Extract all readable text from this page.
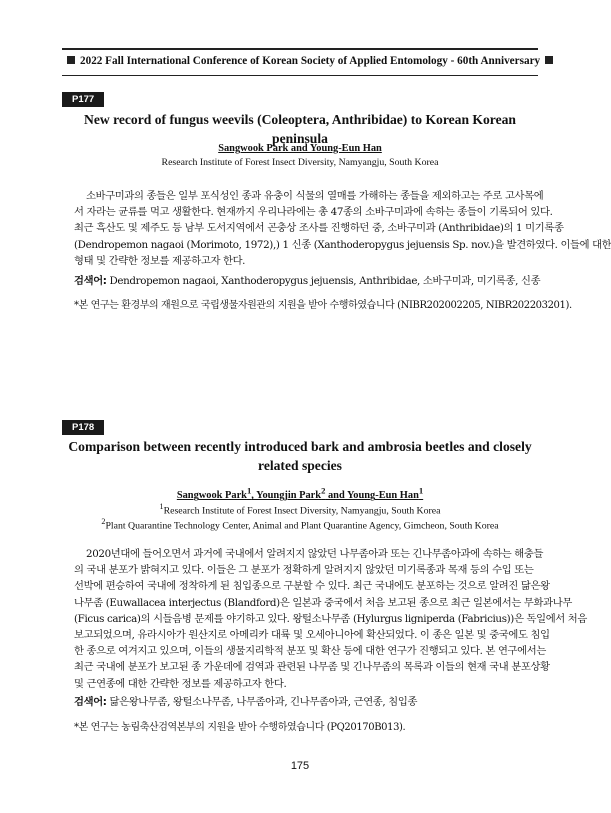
2022 Fall International Conference of Korean Society of Applied Entomology - 60th Anniversary
P177
New record of fungus weevils (Coleoptera, Anthribidae) to Korean Korean peninsula
Sangwook Park and Young-Eun Han
Research Institute of Forest Insect Diversity, Namyangju, South Korea
소바구미과의 종들은 일부 포식성인 종과 유충이 식물의 열매를 가해하는 종들을 제외하고는 주로 고사목에
서 자라는 균류를 먹고 생활한다. 현재까지 우리나라에는 총 47종의 소바구미과에 속하는 종들이 기록되어 있다.
최근 흑산도 및 제주도 등 남부 도서지역에서 곤충상 조사를 진행하던 중, 소바구미과 (Anthribidae)의 1 미기록종
(Dendropemon nagaoi (Morimoto, 1972),) 1 신종 (Xanthoderopygus jejuensis Sp. nov.)을 발견하였다. 이들에 대한
형태 및 간략한 정보를 제공하고자 한다.
검색어: Dendropemon nagaoi, Xanthoderopygus jejuensis, Anthribidae, 소바구미과, 미기록종, 신종
*본 연구는 환경부의 재원으로 국립생물자원관의 지원을 받아 수행하였습니다 (NIBR202002205, NIBR202203201).
P178
Comparison between recently introduced bark and ambrosia beetles and closely
related species
Sangwook Park$^1$, Youngjin Park$^2$ and Young-Eun Han$^1$
$^1$Research Institute of Forest Insect Diversity, Namyangju, South Korea
$^2$Plant Quarantine Technology Center, Animal and Plant Quarantine Agency, Gimcheon, South Korea
2020년대에 들어오면서 과거에 국내에서 알려지지 않았던 나무좀아과 또는 긴나무좀아과에 속하는 해충들
의 국내 분포가 밝혀지고 있다. 이들은 그 분포가 정확하게 알려지지 않았던 미기록종과 목재 등의 수입 또는
선박에 편승하여 국내에 정착하게 된 침입종으로 구분할 수 있다. 최근 국내에도 분포하는 것으로 알려진 닮은왕
나무좀 (Euwallacea interjectus (Blandford)은 일본과 중국에서 처음 보고된 종으로 최근 일본에서는 무화과나무
(Ficus carica)의 시들음병 문제를 야기하고 있다. 왕털소나무좀 (Hylurgus ligniperda (Fabricius))은 독일에서 처음
보고되었으며, 유라시아가 원산지로 아메리카 대륙 및 오세아니아에 확산되었다. 이 종은 일본 및 중국에도 침입
한 종으로 여겨지고 있으며, 이들의 생물지리학적 분포 및 확산 등에 대한 연구가 진행되고 있다. 본 연구에서는
최근 국내에 분포가 보고된 종 가운데에 검역과 관련된 나무좀 및 긴나무좀의 목록과 이들의 현재 국내 분포상황
및 근연종에 대한 간략한 정보를 제공하고자 한다.
검색어: 닮은왕나무좀, 왕털소나무좀, 나무좀아과, 긴나무좀아과, 근연종, 침입종
*본 연구는 농림축산검역본부의 지원을 받아 수행하였습니다 (PQ20170B013).
175
